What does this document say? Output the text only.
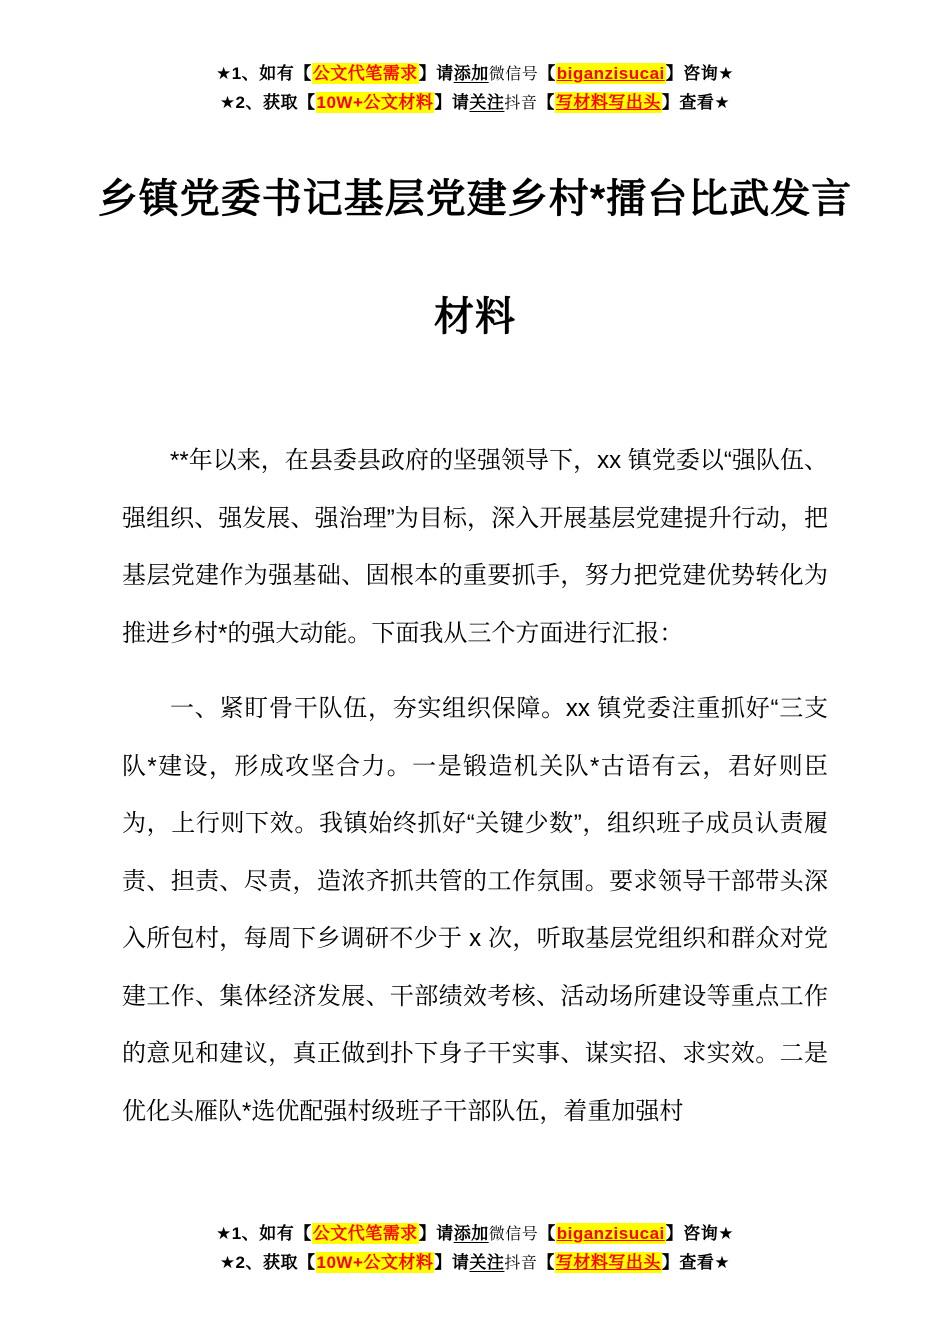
★1、如有【公文代笔需求】请添加微信号【biganzisucai】咨询★

★2、获取【10W+公文材料】请关注抖音【写材料写出头】查看★

乡镇党委书记基层党建乡村*擂台比武发言
材料

**年以来，在县委县政府的坚强领导下，xx 镇党委以“强队伍、强组织、强发展、强治理”为目标，深入开展基层党建提升行动，把基层党建作为强基础、固根本的重要抓手，努力把党建优势转化为推进乡村*的强大动能。下面我从三个方面进行汇报：

一、紧盯骨干队伍，夯实组织保障。xx 镇党委注重抓好“三支队*建设，形成攻坚合力。一是锻造机关队*古语有云，君好则臣为，上行则下效。我镇始终抓好“关键少数”，组织班子成员认责履责、担责、尽责，造浓齐抓共管的工作氛围。要求领导干部带头深入所包村，每周下乡调研不少于 x 次，听取基层党组织和群众对党建工作、集体经济发展、干部绩效考核、活动场所建设等重点工作的意见和建议，真正做到扑下身子干实事、谋实招、求实效。二是优化头雁队*选优配强村级班子干部队伍，着重加强村

★1、如有【公文代笔需求】请添加微信号【biganzisucai】咨询★

★2、获取【10W+公文材料】请关注抖音【写材料写出头】查看★
